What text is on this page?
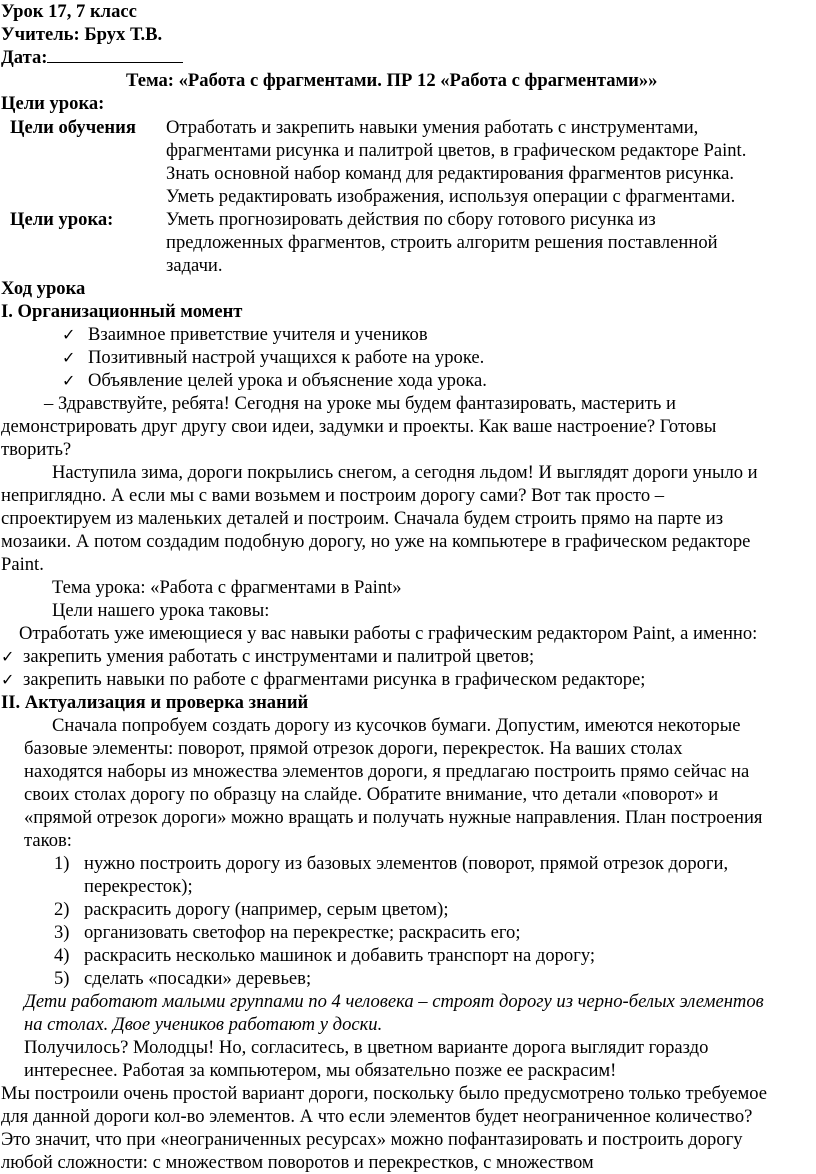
Урок 17, 7 класс
Учитель: Брух Т.В.
Дата:
Тема: «Работа с фрагментами. ПР 12 «Работа с фрагментами»»
Цели урока:
Цели обучения Отработать и закрепить навыки умения работать с инструментами,
фрагментами рисунка и палитрой цветов, в графическом редакторе Paint.
Знать основной набор команд для редактирования фрагментов рисунка.
Уметь редактировать изображения, используя операции с фрагментами.
Цели урока:	Уметь прогнозировать действия по сбору готового рисунка из
предложенных фрагментов, строить алгоритм решения поставленной
задачи.
Ход урока
I. Организационный момент
✓ Взаимное приветствие учителя и учеников
✓ Позитивный настрой учащихся к работе на уроке.
✓ Объявление целей урока и объяснение хода урока.
– Здравствуйте, ребята! Сегодня на уроке мы будем фантазировать, мастерить и
демонстрировать друг другу свои идеи, задумки и проекты. Как ваше настроение? Готовы
творить?
Наступила зима, дороги покрылись снегом, а сегодня льдом! И выглядят дороги уныло и
неприглядно. А если мы с вами возьмем и построим дорогу сами? Вот так просто –
спроектируем из маленьких деталей и построим. Сначала будем строить прямо на парте из
мозаики. А потом создадим подобную дорогу, но уже на компьютере в графическом редакторе
Paint.
Тема урока: «Работа с фрагментами в Paint»
Цели нашего урока таковы:
Отработать уже имеющиеся у вас навыки работы с графическим редактором Paint, а именно:
✓ закрепить умения работать с инструментами и палитрой цветов;
✓ закрепить навыки по работе с фрагментами рисунка в графическом редакторе;
II. Актуализация и проверка знаний
Сначала попробуем создать дорогу из кусочков бумаги. Допустим, имеются некоторые
базовые элементы: поворот, прямой отрезок дороги, перекресток. На ваших столах
находятся наборы из множества элементов дороги, я предлагаю построить прямо сейчас на
своих столах дорогу по образцу на слайде. Обратите внимание, что детали «поворот» и
«прямой отрезок дороги» можно вращать и получать нужные направления. План построения
таков:
1) нужно построить дорогу из базовых элементов (поворот, прямой отрезок дороги,
перекресток);
2) раскрасить дорогу (например, серым цветом);
3) организовать светофор на перекрестке; раскрасить его;
4) раскрасить несколько машинок и добавить транспорт на дорогу;
5) сделать «посадки» деревьев;
Дети работают малыми группами по 4 человека – строят дорогу из черно-белых элементов
на столах. Двое учеников работают у доски.
Получилось? Молодцы! Но, согласитесь, в цветном варианте дорога выглядит гораздо
интереснее. Работая за компьютером, мы обязательно позже ее раскрасим!
Мы построили очень простой вариант дороги, поскольку было предусмотрено только требуемое
для данной дороги кол-во элементов. А что если элементов будет неограниченное количество?
Это значит, что при «неограниченных ресурсах» можно пофантазировать и построить дорогу
любой сложности: с множеством поворотов и перекрестков, с множеством
